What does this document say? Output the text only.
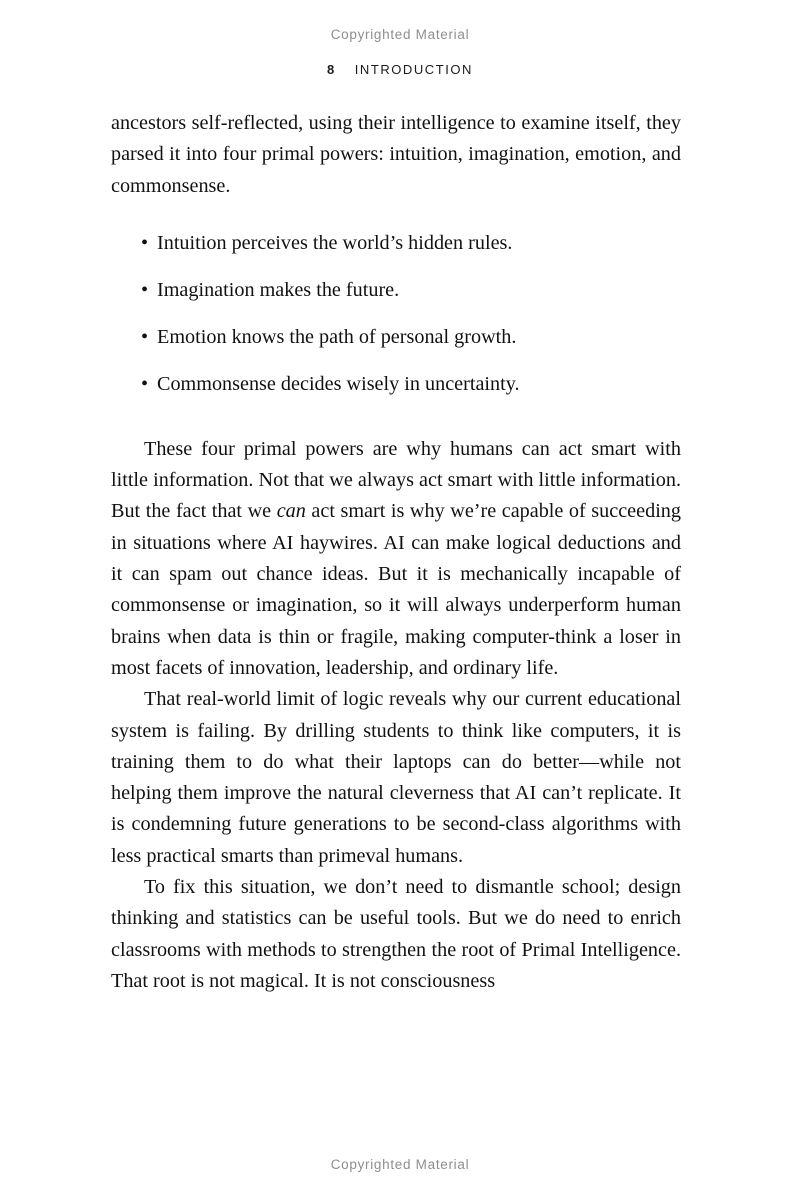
Copyrighted Material
8 INTRODUCTION

ancestors self-reflected, using their intelligence to examine itself, they parsed it into four primal powers: intuition, imagination, emotion, and commonsense.

• Intuition perceives the world’s hidden rules.
• Imagination makes the future.
• Emotion knows the path of personal growth.
• Commonsense decides wisely in uncertainty.

These four primal powers are why humans can act smart with little information. Not that we always act smart with little information. But the fact that we can act smart is why we’re capable of succeeding in situations where AI haywires. AI can make logical deductions and it can spam out chance ideas. But it is mechanically incapable of commonsense or imagination, so it will always underperform human brains when data is thin or fragile, making computer-think a loser in most facets of innovation, leadership, and ordinary life.

That real-world limit of logic reveals why our current educational system is failing. By drilling students to think like computers, it is training them to do what their laptops can do better—while not helping them improve the natural cleverness that AI can’t replicate. It is condemning future generations to be second-class algorithms with less practical smarts than primeval humans.

To fix this situation, we don’t need to dismantle school; design thinking and statistics can be useful tools. But we do need to enrich classrooms with methods to strengthen the root of Primal Intelligence. That root is not magical. It is not consciousness

Copyrighted Material
